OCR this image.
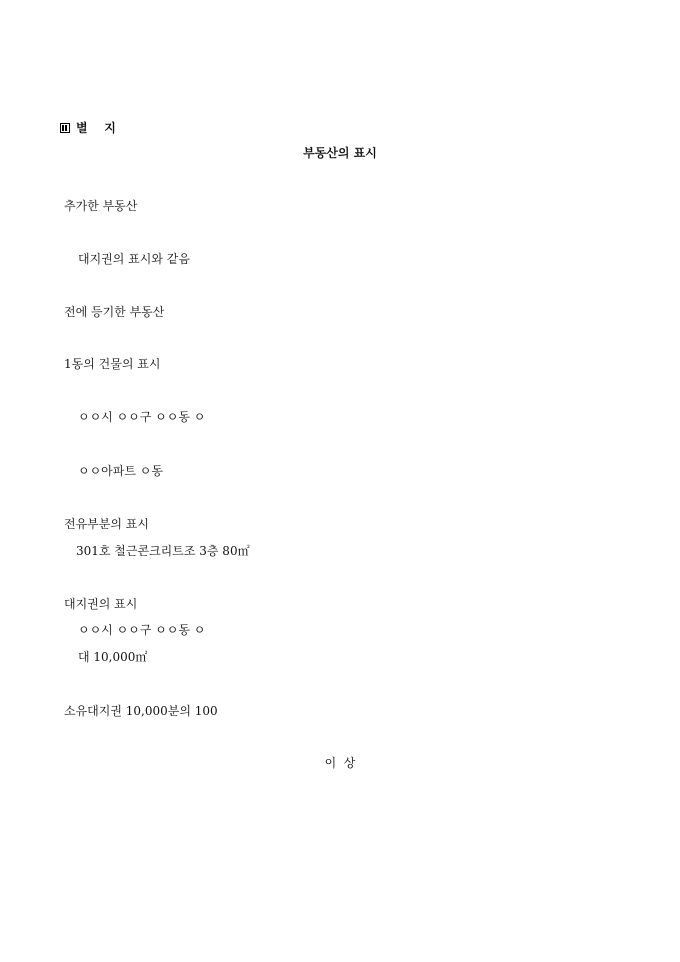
별    지
부동산의 표시
추가한 부동산
대지권의 표시와 같음
전에 등기한 부동산
1동의 건물의 표시
ㅇㅇ시 ㅇㅇ구 ㅇㅇ동 ㅇ
ㅇㅇ아파트 ㅇ동
전유부분의 표시
301호 철근콘크리트조 3층 80㎡
대지권의 표시
ㅇㅇ시 ㅇㅇ구 ㅇㅇ동 ㅇ
대 10,000㎡
소유대지권 10,000분의 100
이  상
